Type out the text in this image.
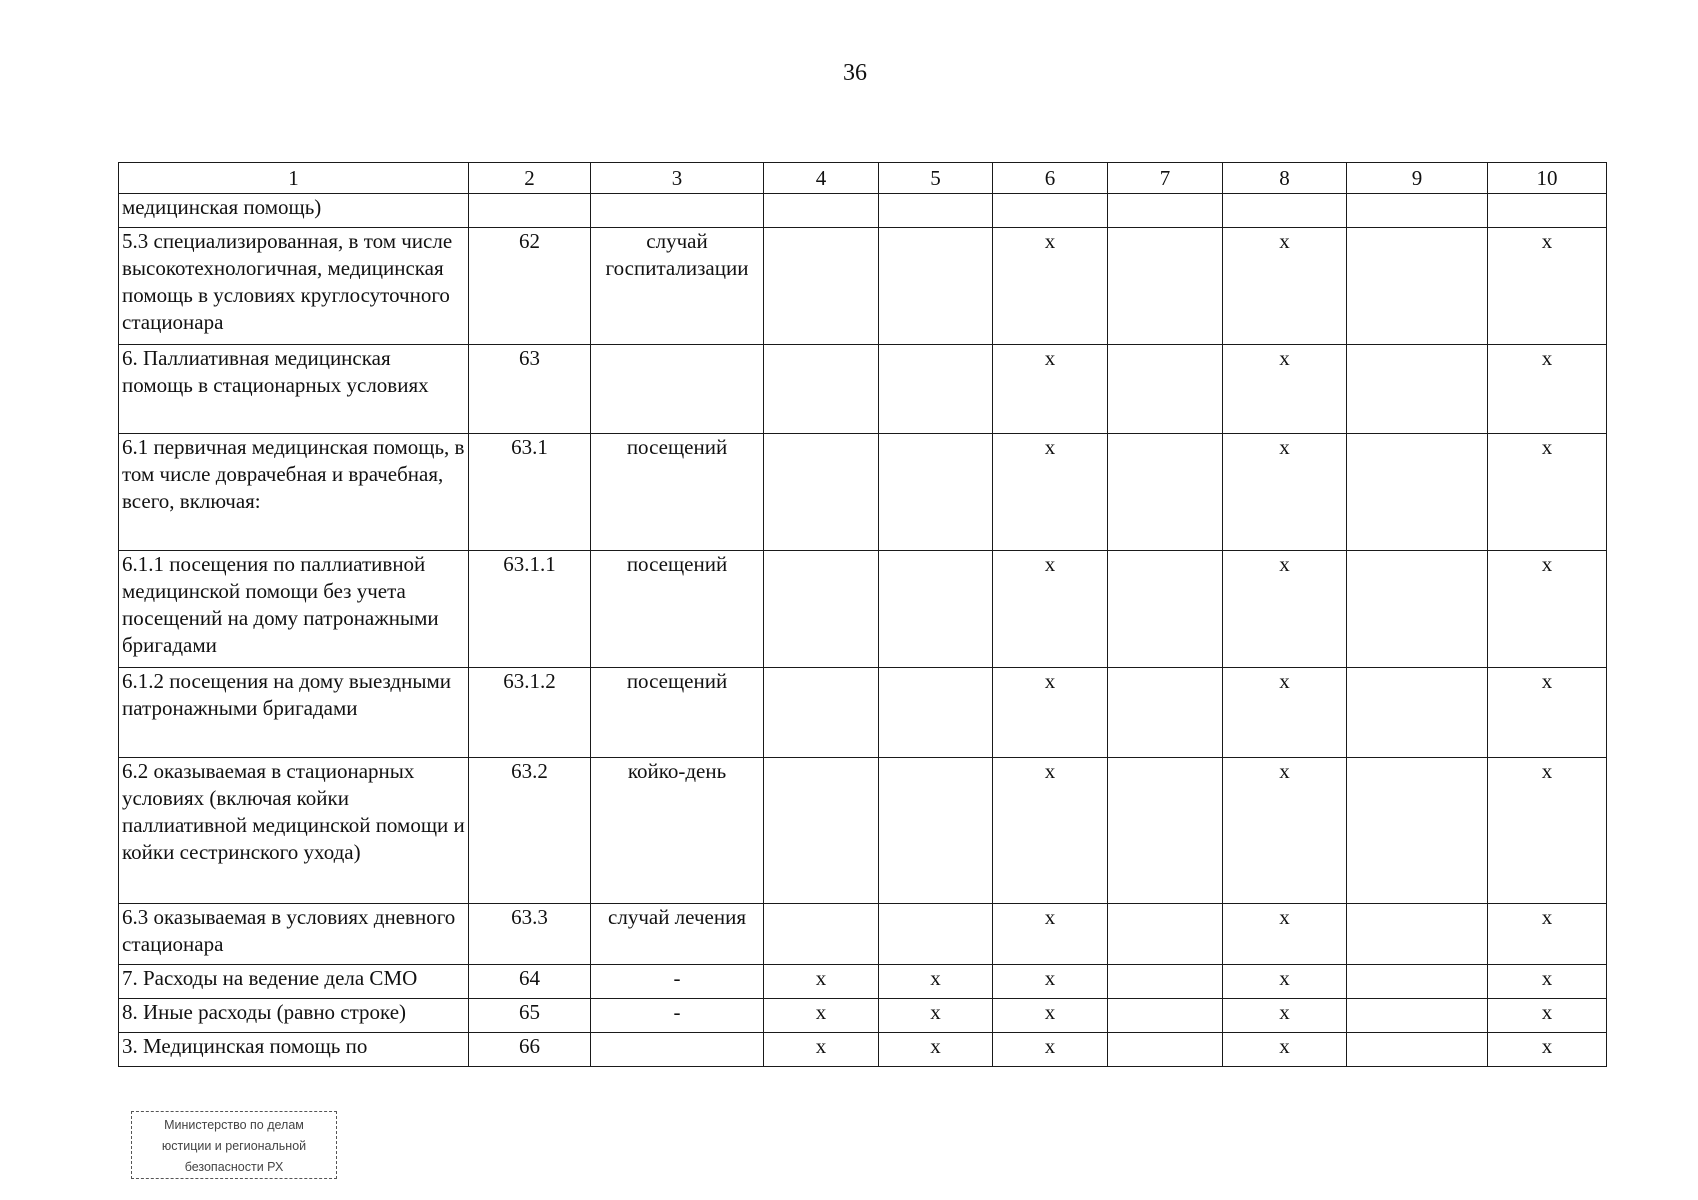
36
1	2	3	4	5	6	7	8	9	10
медицинская помощь)									
5.3 специализированная, в том числе высокотехнологичная, медицинская помощь в условиях круглосуточного стационара	62	случай госпитализации			х		х		х
6. Паллиативная медицинская помощь в стационарных условиях	63				х		х		х
6.1 первичная медицинская помощь, в том числе доврачебная и врачебная, всего, включая:	63.1	посещений			х		х		х
6.1.1 посещения по паллиативной медицинской помощи без учета посещений на дому патронажными бригадами	63.1.1	посещений			х		х		х
6.1.2 посещения на дому выездными патронажными бригадами	63.1.2	посещений			х		х		х
6.2 оказываемая в стационарных условиях (включая койки паллиативной медицинской помощи и койки сестринского ухода)	63.2	койко-день			х		х		х
6.3 оказываемая в условиях дневного стационара	63.3	случай лечения			х		х		х
7. Расходы на ведение дела СМО	64	-	х	х	х		х		х
8. Иные расходы (равно строке)	65	-	х	х	х		х		х
3. Медицинская помощь по	66		х	х	х		х		х
Министерство по делам
юстиции и региональной
безопасности РХ
